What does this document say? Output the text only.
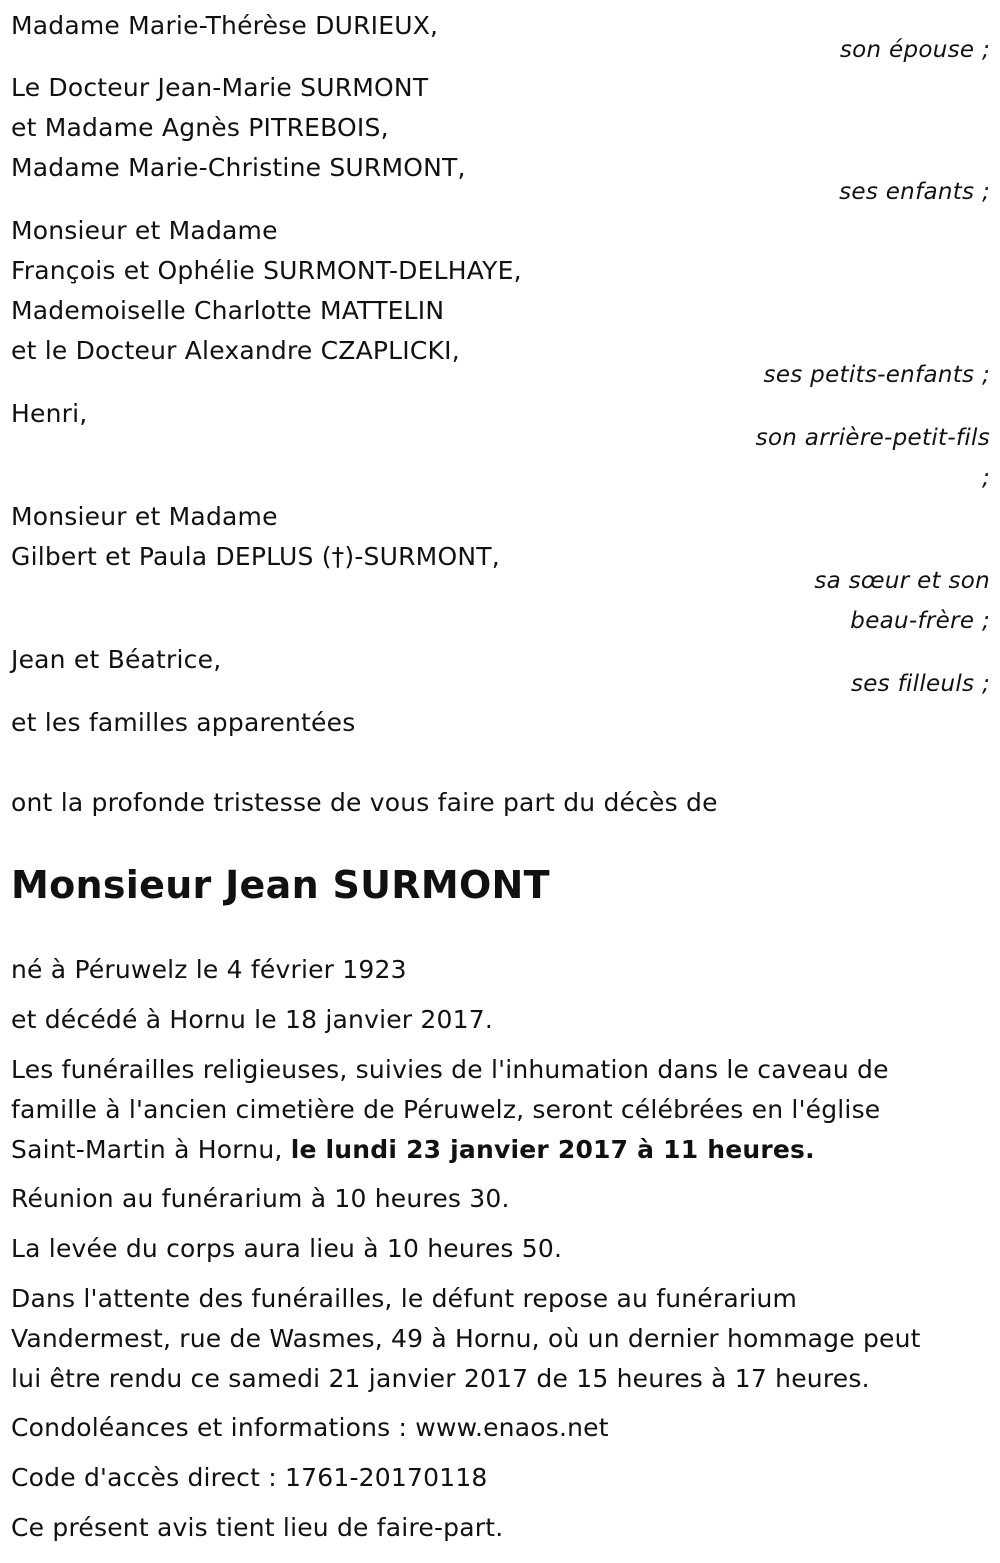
Madame Marie-Thérèse DURIEUX,
son épouse ;
Le Docteur Jean-Marie SURMONT
et Madame Agnès PITREBOIS,
Madame Marie-Christine SURMONT,
ses enfants ;
Monsieur et Madame
François et Ophélie SURMONT-DELHAYE,
Mademoiselle Charlotte MATTELIN
et le Docteur Alexandre CZAPLICKI,
ses petits-enfants ;
Henri,
son arrière-petit-fils
;
Monsieur et Madame
Gilbert et Paula DEPLUS (†)-SURMONT,
sa sœur et son
beau-frère ;
Jean et Béatrice,
ses filleuls ;
et les familles apparentées
ont la profonde tristesse de vous faire part du décès de
Monsieur Jean SURMONT
né à Péruwelz le 4 février 1923
et décédé à Hornu le 18 janvier 2017.
Les funérailles religieuses, suivies de l'inhumation dans le caveau de
famille à l'ancien cimetière de Péruwelz, seront célébrées en l'église
Saint-Martin à Hornu, le lundi 23 janvier 2017 à 11 heures.
Réunion au funérarium à 10 heures 30.
La levée du corps aura lieu à 10 heures 50.
Dans l'attente des funérailles, le défunt repose au funérarium
Vandermest, rue de Wasmes, 49 à Hornu, où un dernier hommage peut
lui être rendu ce samedi 21 janvier 2017 de 15 heures à 17 heures.
Condoléances et informations : www.enaos.net
Code d'accès direct : 1761-20170118
Ce présent avis tient lieu de faire-part.
